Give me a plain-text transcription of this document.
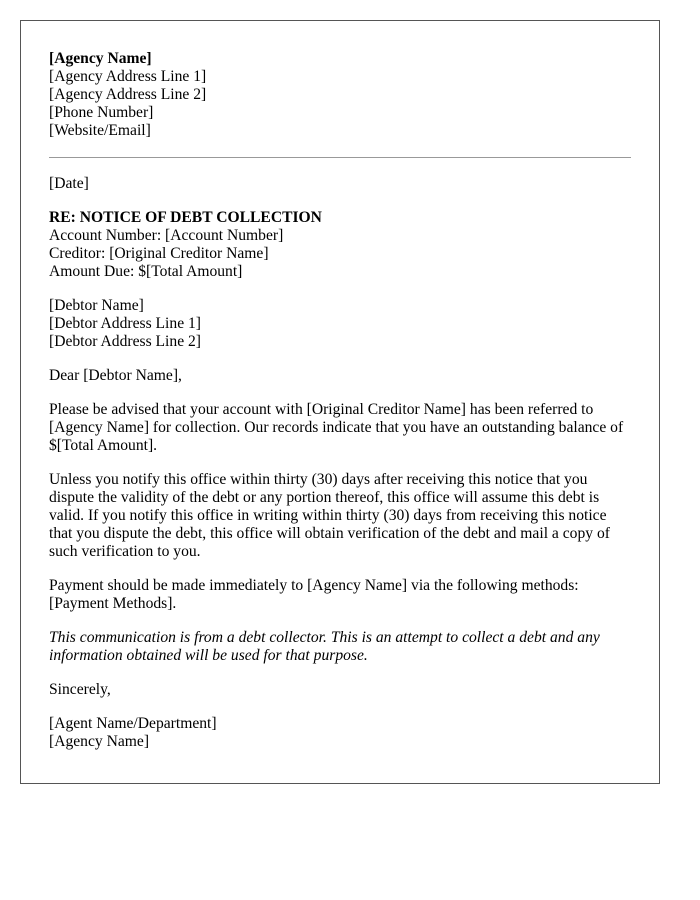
[Agency Name]
[Agency Address Line 1]
[Agency Address Line 2]
[Phone Number]
[Website/Email]
[Date]
RE: NOTICE OF DEBT COLLECTION
Account Number: [Account Number]
Creditor: [Original Creditor Name]
Amount Due: $[Total Amount]
[Debtor Name]
[Debtor Address Line 1]
[Debtor Address Line 2]

Dear [Debtor Name],

Please be advised that your account with [Original Creditor Name] has been referred to [Agency Name] for collection. Our records indicate that you have an outstanding balance of $[Total Amount].

Unless you notify this office within thirty (30) days after receiving this notice that you dispute the validity of the debt or any portion thereof, this office will assume this debt is valid. If you notify this office in writing within thirty (30) days from receiving this notice that you dispute the debt, this office will obtain verification of the debt and mail a copy of such verification to you.

Payment should be made immediately to [Agency Name] via the following methods: [Payment Methods].

This communication is from a debt collector. This is an attempt to collect a debt and any information obtained will be used for that purpose.

Sincerely,

[Agent Name/Department]
[Agency Name]
